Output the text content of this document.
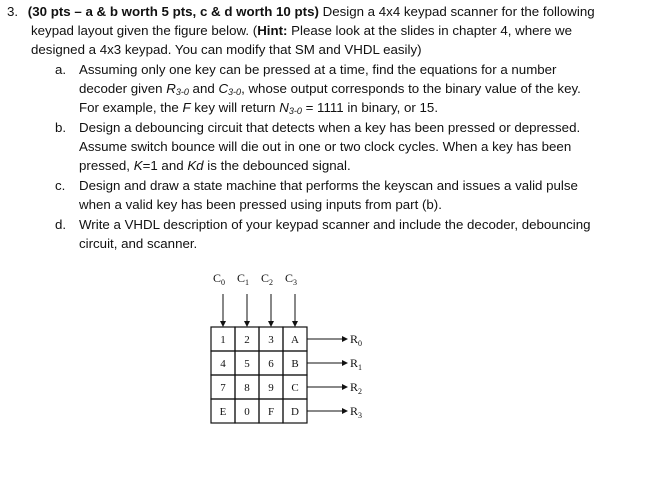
3. (30 pts – a & b worth 5 pts, c & d worth 10 pts) Design a 4x4 keypad scanner for the following
keypad layout given the figure below. (Hint: Please look at the slides in chapter 4, where we
designed a 4x3 keypad. You can modify that SM and VHDL easily)
a. Assuming only one key can be pressed at a time, find the equations for a number
decoder given $R_{3-0}$ and $C_{3-0}$, whose output corresponds to the binary value of the key.
For example, the F key will return $N_{3-0} = 1111$ in binary, or 15.
b. Design a debouncing circuit that detects when a key has been pressed or depressed.
Assume switch bounce will die out in one or two clock cycles. When a key has been
pressed, K=1 and Kd is the debounced signal.
c. Design and draw a state machine that performs the keyscan and issues a valid pulse
when a valid key has been pressed using inputs from part (b).
d. Write a VHDL description of your keypad scanner and include the decoder, debouncing
circuit, and scanner.
$C_0$ $C_1$ $C_2$ $C_3$
1 2 3 A
4 5 6 B
7 8 9 C
E 0 F D
$R_0$
$R_1$
$R_2$
$R_3$
